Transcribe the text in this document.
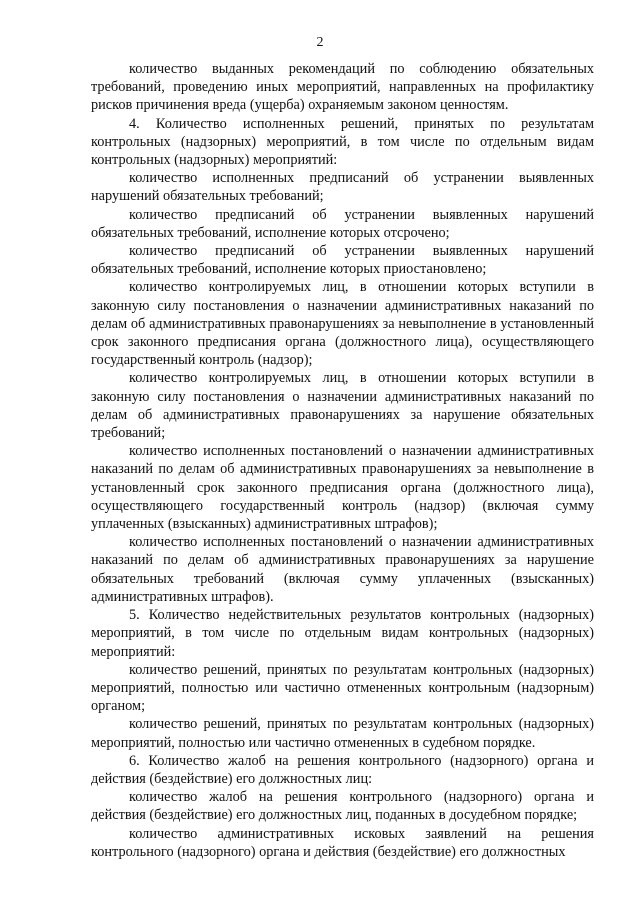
2

количество выданных рекомендаций по соблюдению обязательных требований, проведению иных мероприятий, направленных на профилактику рисков причинения вреда (ущерба) охраняемым законом ценностям.

4. Количество исполненных решений, принятых по результатам контрольных (надзорных) мероприятий, в том числе по отдельным видам контрольных (надзорных) мероприятий:

количество исполненных предписаний об устранении выявленных нарушений обязательных требований;

количество предписаний об устранении выявленных нарушений обязательных требований, исполнение которых отсрочено;

количество предписаний об устранении выявленных нарушений обязательных требований, исполнение которых приостановлено;

количество контролируемых лиц, в отношении которых вступили в законную силу постановления о назначении административных наказаний по делам об административных правонарушениях за невыполнение в установленный срок законного предписания органа (должностного лица), осуществляющего государственный контроль (надзор);

количество контролируемых лиц, в отношении которых вступили в законную силу постановления о назначении административных наказаний по делам об административных правонарушениях за нарушение обязательных требований;

количество исполненных постановлений о назначении административных наказаний по делам об административных правонарушениях за невыполнение в установленный срок законного предписания органа (должностного лица), осуществляющего государственный контроль (надзор) (включая сумму уплаченных (взысканных) административных штрафов);

количество исполненных постановлений о назначении административных наказаний по делам об административных правонарушениях за нарушение обязательных требований (включая сумму уплаченных (взысканных) административных штрафов).

5. Количество недействительных результатов контрольных (надзорных) мероприятий, в том числе по отдельным видам контрольных (надзорных) мероприятий:

количество решений, принятых по результатам контрольных (надзорных) мероприятий, полностью или частично отмененных контрольным (надзорным) органом;

количество решений, принятых по результатам контрольных (надзорных) мероприятий, полностью или частично отмененных в судебном порядке.

6. Количество жалоб на решения контрольного (надзорного) органа и действия (бездействие) его должностных лиц:

количество жалоб на решения контрольного (надзорного) органа и действия (бездействие) его должностных лиц, поданных в досудебном порядке;

количество административных исковых заявлений на решения контрольного (надзорного) органа и действия (бездействие) его должностных
